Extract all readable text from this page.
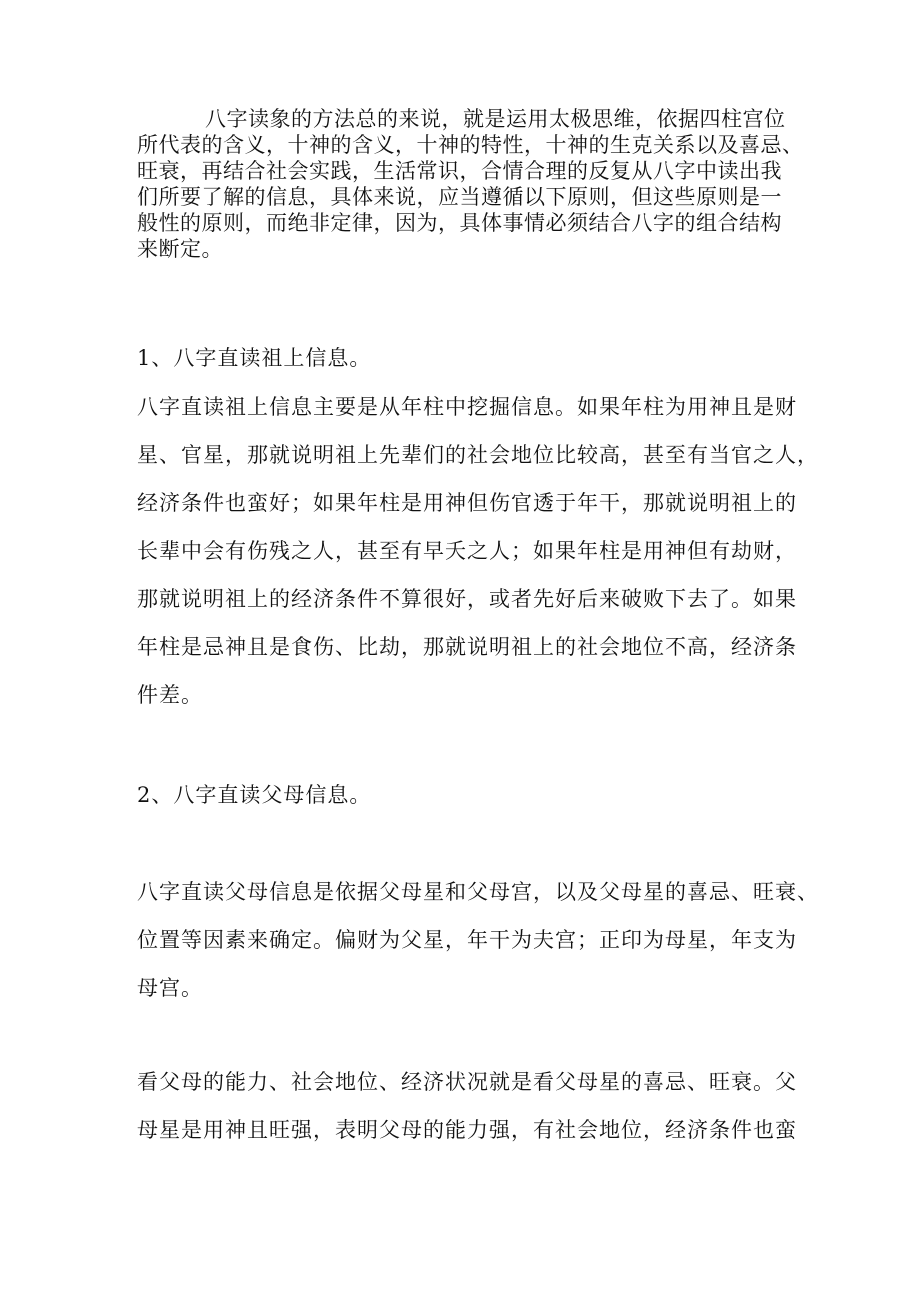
八字读象的方法总的来说，就是运用太极思维，依据四柱宫位
所代表的含义，十神的含义，十神的特性，十神的生克关系以及喜忌、
旺衰，再结合社会实践，生活常识，合情合理的反复从八字中读出我
们所要了解的信息，具体来说，应当遵循以下原则，但这些原则是一
般性的原则，而绝非定律，因为，具体事情必须结合八字的组合结构
来断定。

1、八字直读祖上信息。

八字直读祖上信息主要是从年柱中挖掘信息。如果年柱为用神且是财
星、官星，那就说明祖上先辈们的社会地位比较高，甚至有当官之人，
经济条件也蛮好；如果年柱是用神但伤官透于年干，那就说明祖上的
长辈中会有伤残之人，甚至有早夭之人；如果年柱是用神但有劫财，
那就说明祖上的经济条件不算很好，或者先好后来破败下去了。如果
年柱是忌神且是食伤、比劫，那就说明祖上的社会地位不高，经济条
件差。

2、八字直读父母信息。

八字直读父母信息是依据父母星和父母宫，以及父母星的喜忌、旺衰、
位置等因素来确定。偏财为父星，年干为夫宫；正印为母星，年支为
母宫。

看父母的能力、社会地位、经济状况就是看父母星的喜忌、旺衰。父
母星是用神且旺强，表明父母的能力强，有社会地位，经济条件也蛮
